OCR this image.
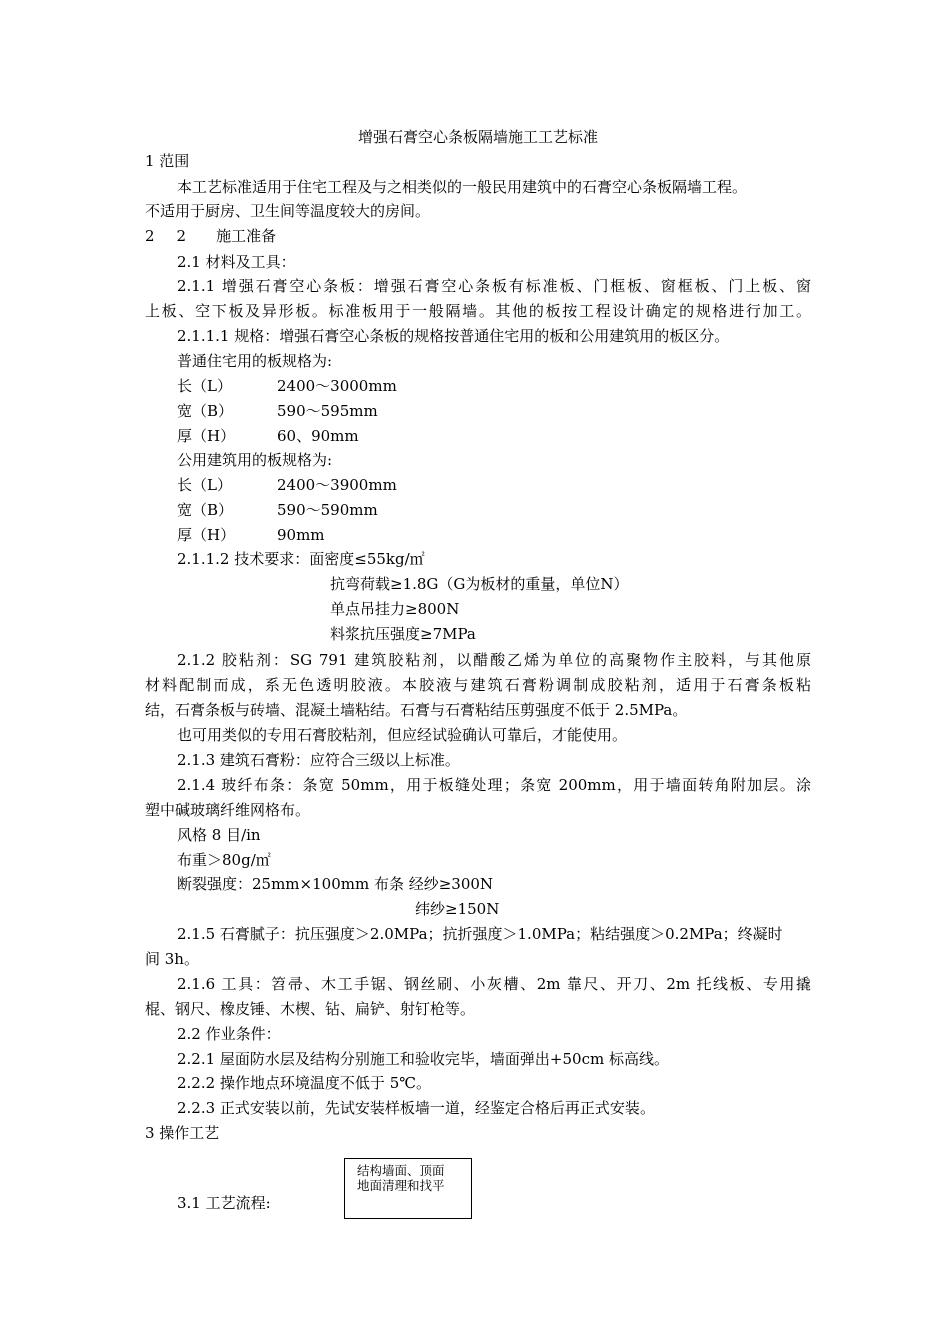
增强石膏空心条板隔墙施工工艺标准
1 范围
本工艺标准适用于住宅工程及与之相类似的一般民用建筑中的石膏空心条板隔墙工程。
不适用于厨房、卫生间等温度较大的房间。
2 2 施工准备
2.1 材料及工具：
2.1.1 增强石膏空心条板：增强石膏空心条板有标准板、门框板、窗框板、门上板、窗
上板、空下板及异形板。标准板用于一般隔墙。其他的板按工程设计确定的规格进行加工。
2.1.1.1 规格：增强石膏空心条板的规格按普通住宅用的板和公用建筑用的板区分。
普通住宅用的板规格为:
长（L）	2400～3000mm
宽（B）	590～595mm
厚（H）	60、90mm
公用建筑用的板规格为:
长（L）	2400～3900mm
宽（B）	590～590mm
厚（H）	90mm
2.1.1.2 技术要求：面密度≤55kg/㎡
抗弯荷载≥1.8G（G为板材的重量，单位N）
单点吊挂力≥800N
料浆抗压强度≥7MPa
2.1.2 胶粘剂：SG 791 建筑胶粘剂，以醋酸乙烯为单位的高聚物作主胶料，与其他原
材料配制而成，系无色透明胶液。本胶液与建筑石膏粉调制成胶粘剂，适用于石膏条板粘
结，石膏条板与砖墙、混凝土墙粘结。石膏与石膏粘结压剪强度不低于 2.5MPa。
也可用类似的专用石膏胶粘剂，但应经试验确认可靠后，才能使用。
2.1.3 建筑石膏粉：应符合三级以上标准。
2.1.4 玻纤布条：条宽 50mm，用于板缝处理；条宽 200mm，用于墙面转角附加层。涂
塑中碱玻璃纤维网格布。
风格 8 目/in
布重＞80g/㎡
断裂强度：25mm×100mm 布条 经纱≥300N
纬纱≥150N
2.1.5 石膏腻子：抗压强度＞2.0MPa；抗折强度＞1.0MPa；粘结强度＞0.2MPa；终凝时
间 3h。
2.1.6 工具：笤帚、木工手锯、钢丝刷、小灰槽、2m 靠尺、开刀、2m 托线板、专用撬
棍、钢尺、橡皮锤、木楔、钻、扁铲、射钉枪等。
2.2 作业条件：
2.2.1 屋面防水层及结构分别施工和验收完毕，墙面弹出+50cm 标高线。
2.2.2 操作地点环境温度不低于 5℃。
2.2.3 正式安装以前，先试安装样板墙一道，经鉴定合格后再正式安装。
3 操作工艺
3.1 工艺流程:
结构墙面、顶面
地面清理和找平
